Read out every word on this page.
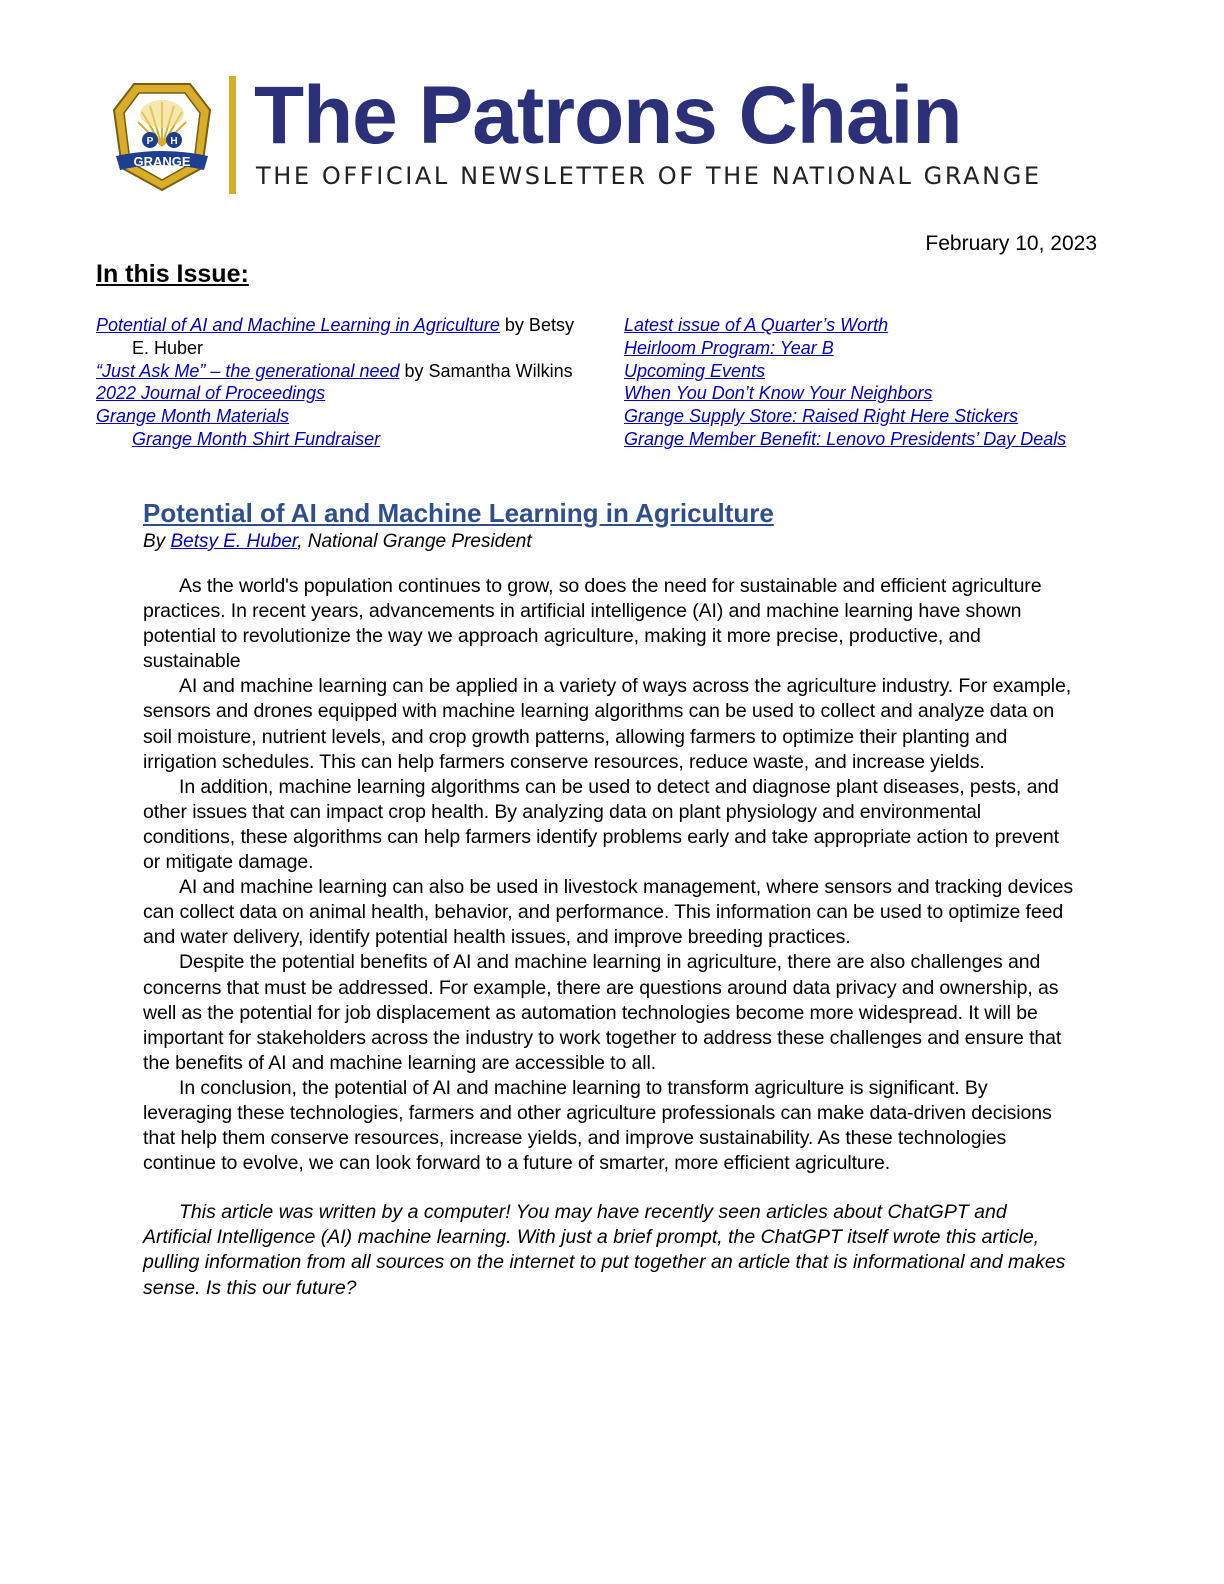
P H
GRANGE
The Patrons Chain
THE OFFICIAL NEWSLETTER OF THE NATIONAL GRANGE
February 10, 2023
In this Issue:

Potential of AI and Machine Learning in Agriculture by Betsy E. Huber

“Just Ask Me” – the generational need by Samantha Wilkins

2022 Journal of Proceedings

Grange Month Materials

Grange Month Shirt Fundraiser

Latest issue of A Quarter’s Worth

Heirloom Program: Year B

Upcoming Events

When You Don’t Know Your Neighbors

Grange Supply Store: Raised Right Here Stickers

Grange Member Benefit: Lenovo Presidents’ Day Deals

Potential of AI and Machine Learning in Agriculture

By Betsy E. Huber, National Grange President

As the world's population continues to grow, so does the need for sustainable and efficient agriculture practices. In recent years, advancements in artificial intelligence (AI) and machine learning have shown potential to revolutionize the way we approach agriculture, making it more precise, productive, and sustainable

AI and machine learning can be applied in a variety of ways across the agriculture industry. For example, sensors and drones equipped with machine learning algorithms can be used to collect and analyze data on soil moisture, nutrient levels, and crop growth patterns, allowing farmers to optimize their planting and irrigation schedules. This can help farmers conserve resources, reduce waste, and increase yields.

In addition, machine learning algorithms can be used to detect and diagnose plant diseases, pests, and other issues that can impact crop health. By analyzing data on plant physiology and environmental conditions, these algorithms can help farmers identify problems early and take appropriate action to prevent or mitigate damage.

AI and machine learning can also be used in livestock management, where sensors and tracking devices can collect data on animal health, behavior, and performance. This information can be used to optimize feed and water delivery, identify potential health issues, and improve breeding practices.

Despite the potential benefits of AI and machine learning in agriculture, there are also challenges and concerns that must be addressed. For example, there are questions around data privacy and ownership, as well as the potential for job displacement as automation technologies become more widespread. It will be important for stakeholders across the industry to work together to address these challenges and ensure that the benefits of AI and machine learning are accessible to all.

In conclusion, the potential of AI and machine learning to transform agriculture is significant. By leveraging these technologies, farmers and other agriculture professionals can make data-driven decisions that help them conserve resources, increase yields, and improve sustainability. As these technologies continue to evolve, we can look forward to a future of smarter, more efficient agriculture.

This article was written by a computer! You may have recently seen articles about ChatGPT and Artificial Intelligence (AI) machine learning. With just a brief prompt, the ChatGPT itself wrote this article, pulling information from all sources on the internet to put together an article that is informational and makes sense. Is this our future?
